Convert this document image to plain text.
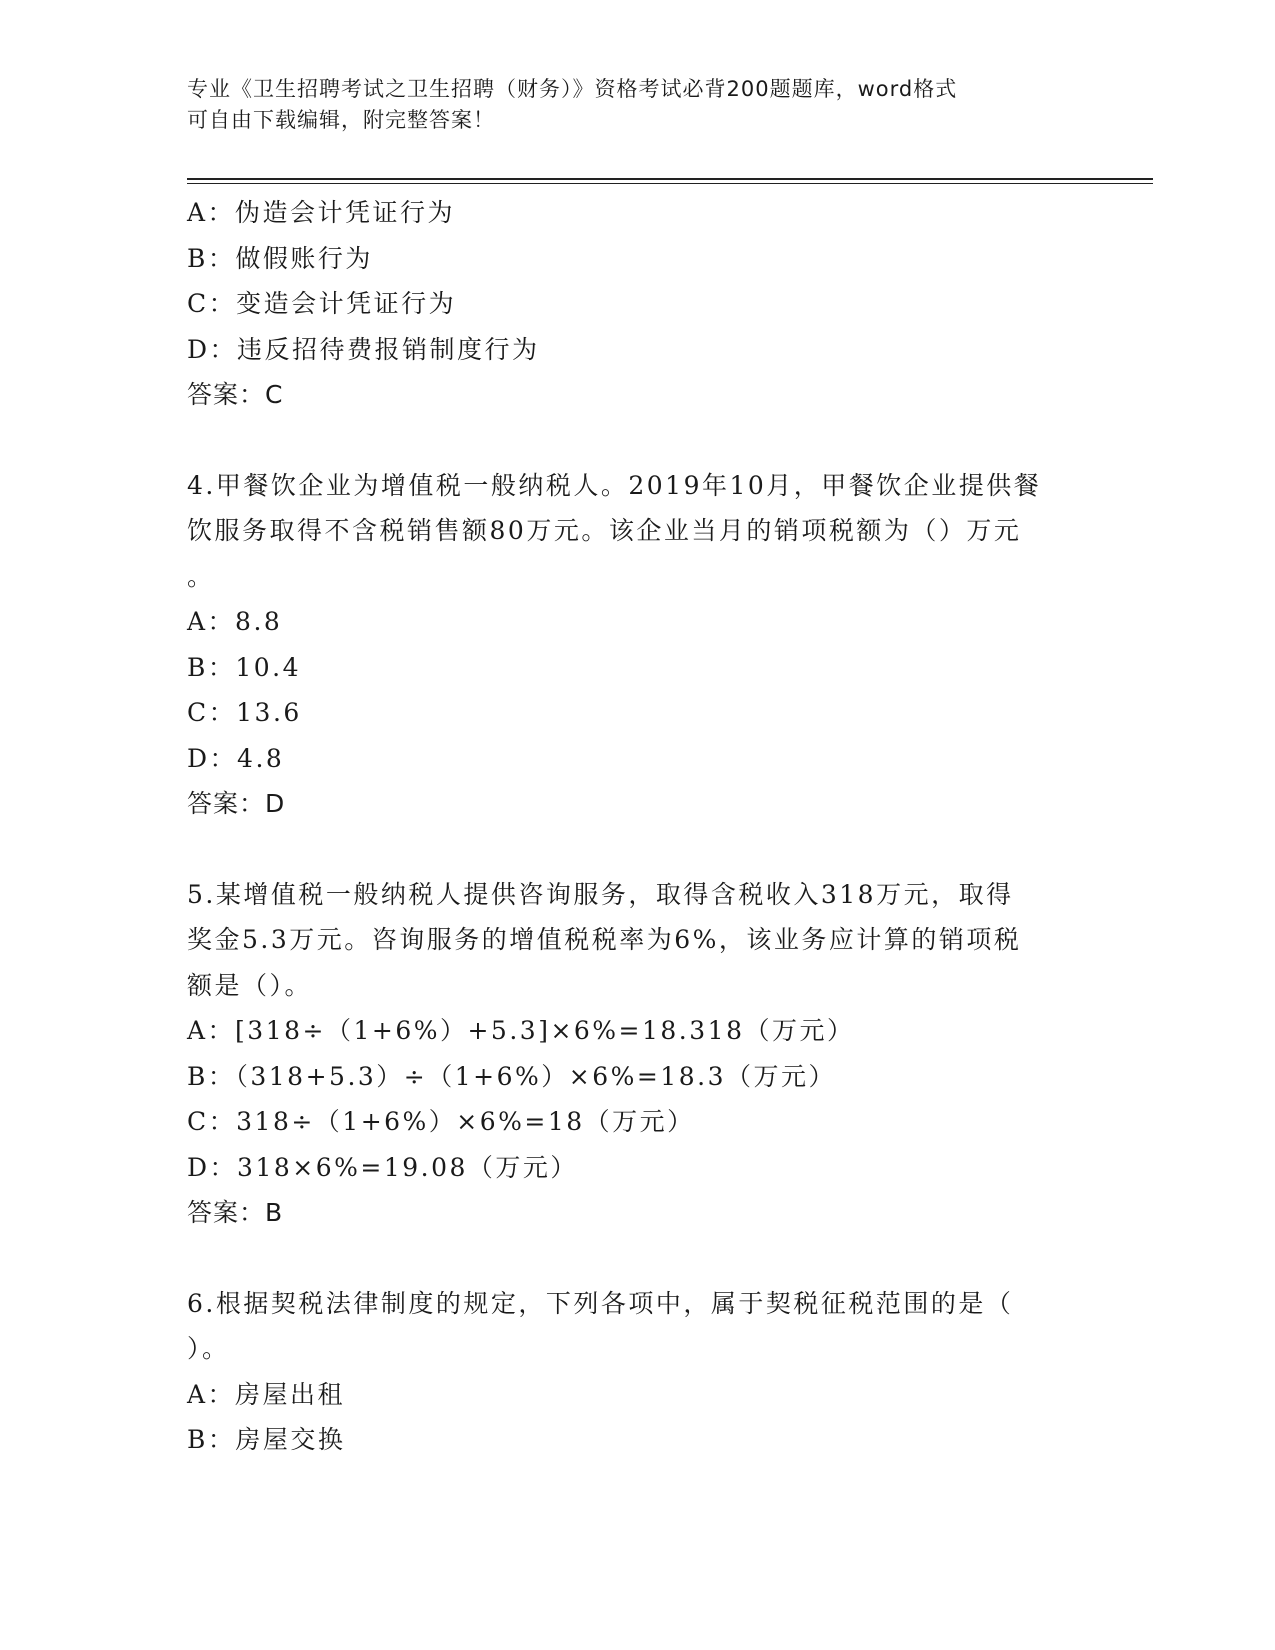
专业《卫生招聘考试之卫生招聘（财务）》资格考试必背200题题库，word格式
可自由下载编辑，附完整答案！
A：伪造会计凭证行为
B：做假账行为
C：变造会计凭证行为
D：违反招待费报销制度行为
答案：C
4.甲餐饮企业为增值税一般纳税人。2019年10月，甲餐饮企业提供餐
饮服务取得不含税销售额80万元。该企业当月的销项税额为（）万元
。
A：8.8
B：10.4
C：13.6
D：4.8
答案：D
5.某增值税一般纳税人提供咨询服务，取得含税收入318万元，取得
奖金5.3万元。咨询服务的增值税税率为6%，该业务应计算的销项税
额是（）。
A：[318÷（1+6%）+5.3]×6%=18.318（万元）
B：（318+5.3）÷（1+6%）×6%=18.3（万元）
C：318÷（1+6%）×6%=18（万元）
D：318×6%=19.08（万元）
答案：B
6.根据契税法律制度的规定，下列各项中，属于契税征税范围的是（
）。
A：房屋出租
B：房屋交换
